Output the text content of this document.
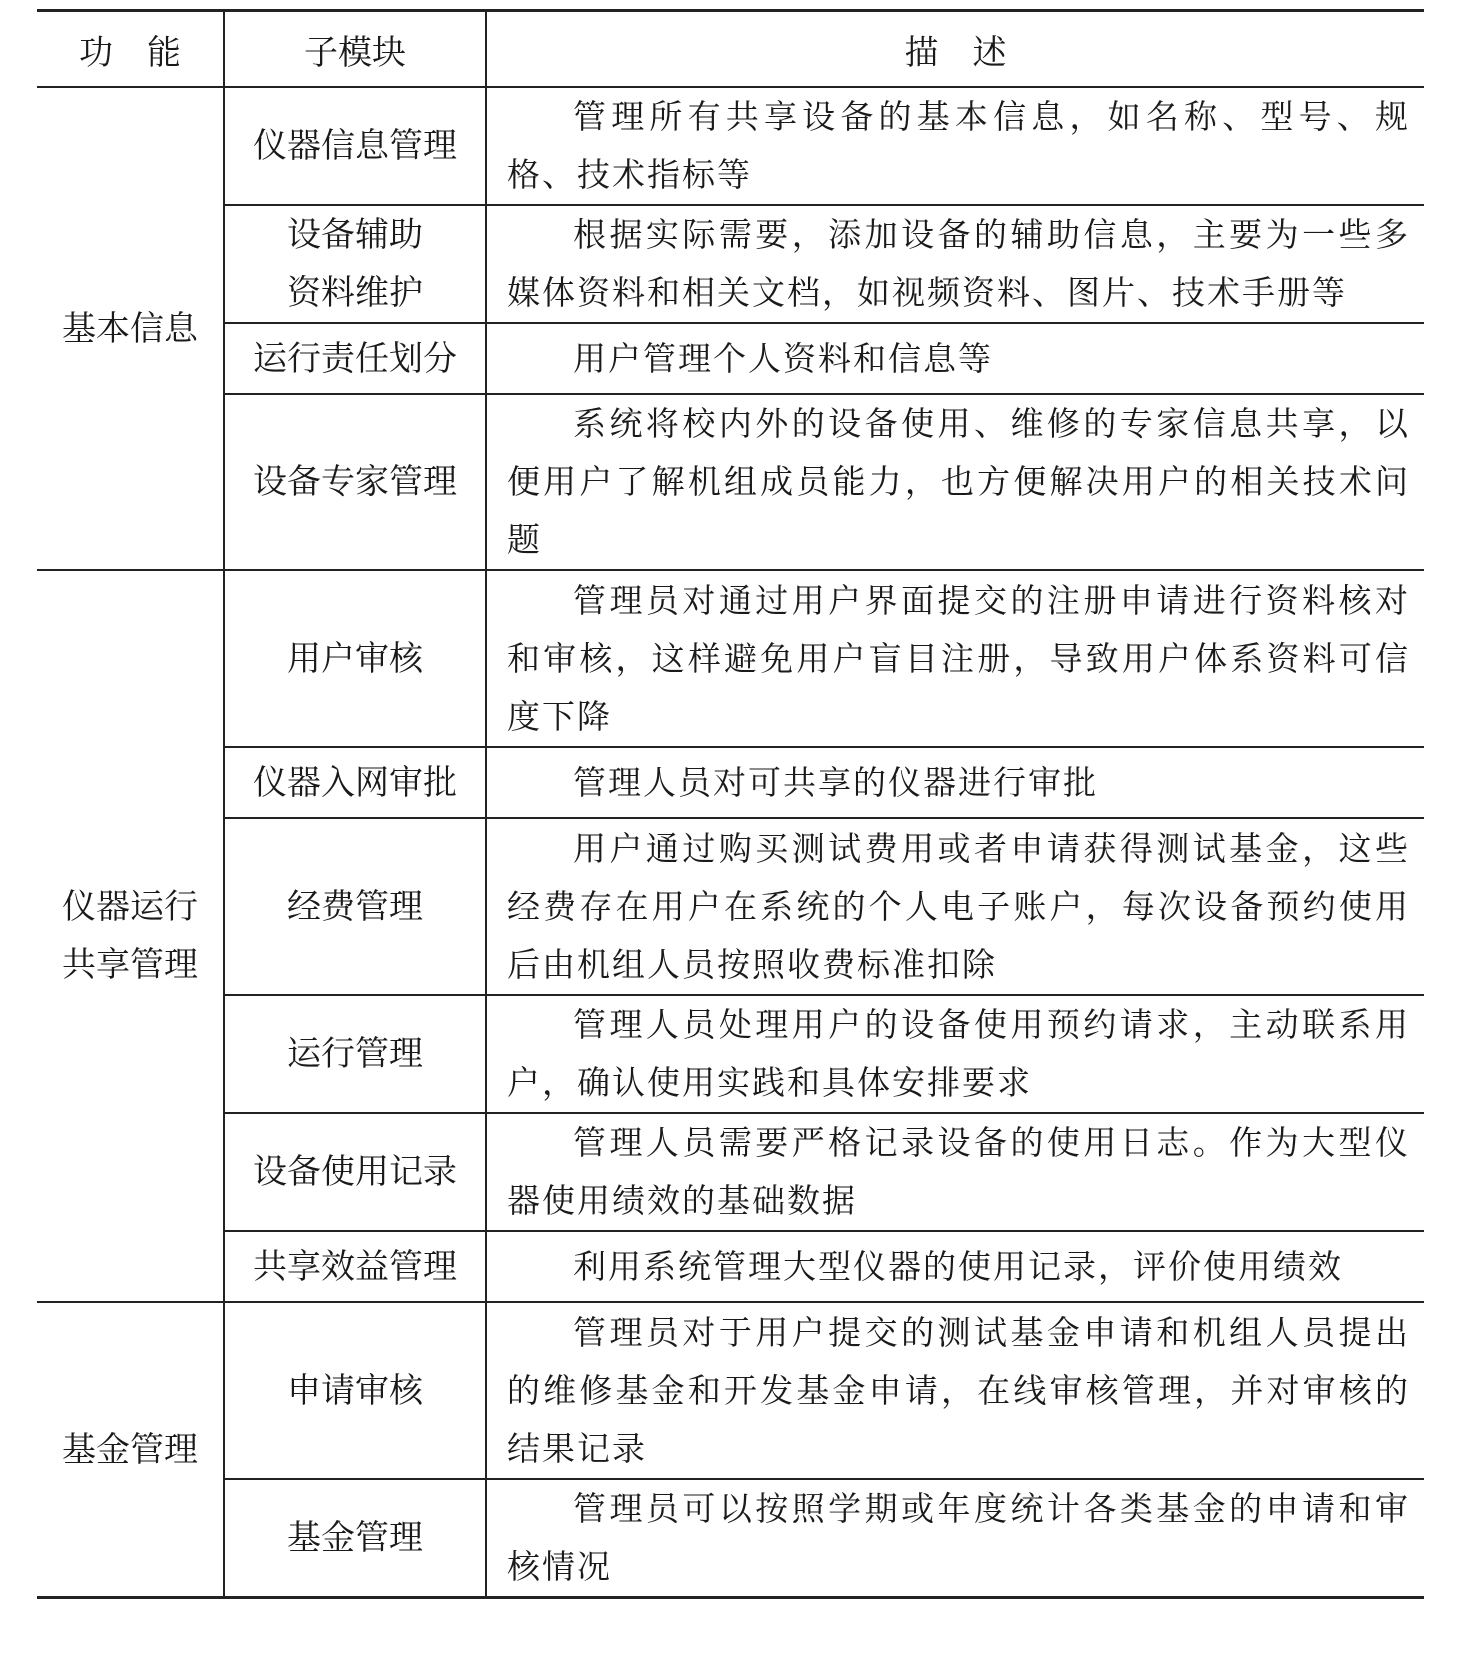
功　能	子模块	描　述
基本信息	仪器信息管理	管理所有共享设备的基本信息，如名称、型号、规格、技术指标等

	设备辅助资料维护	根据实际需要，添加设备的辅助信息，主要为一些多媒体资料和相关文档，如视频资料、图片、技术手册等

	运行责任划分	用户管理个人资料和信息等

	设备专家管理	系统将校内外的设备使用、维修的专家信息共享，以便用户了解机组成员能力，也方便解决用户的相关技术问题

仪器运行共享管理	用户审核	管理员对通过用户界面提交的注册申请进行资料核对和审核，这样避免用户盲目注册，导致用户体系资料可信度下降

	仪器入网审批	管理人员对可共享的仪器进行审批

	经费管理	用户通过购买测试费用或者申请获得测试基金，这些经费存在用户在系统的个人电子账户，每次设备预约使用后由机组人员按照收费标准扣除

	运行管理	管理人员处理用户的设备使用预约请求，主动联系用户，确认使用实践和具体安排要求

	设备使用记录	管理人员需要严格记录设备的使用日志。作为大型仪器使用绩效的基础数据

	共享效益管理	利用系统管理大型仪器的使用记录，评价使用绩效

基金管理	申请审核	管理员对于用户提交的测试基金申请和机组人员提出的维修基金和开发基金申请，在线审核管理，并对审核的结果记录

	基金管理	管理员可以按照学期或年度统计各类基金的申请和审核情况
